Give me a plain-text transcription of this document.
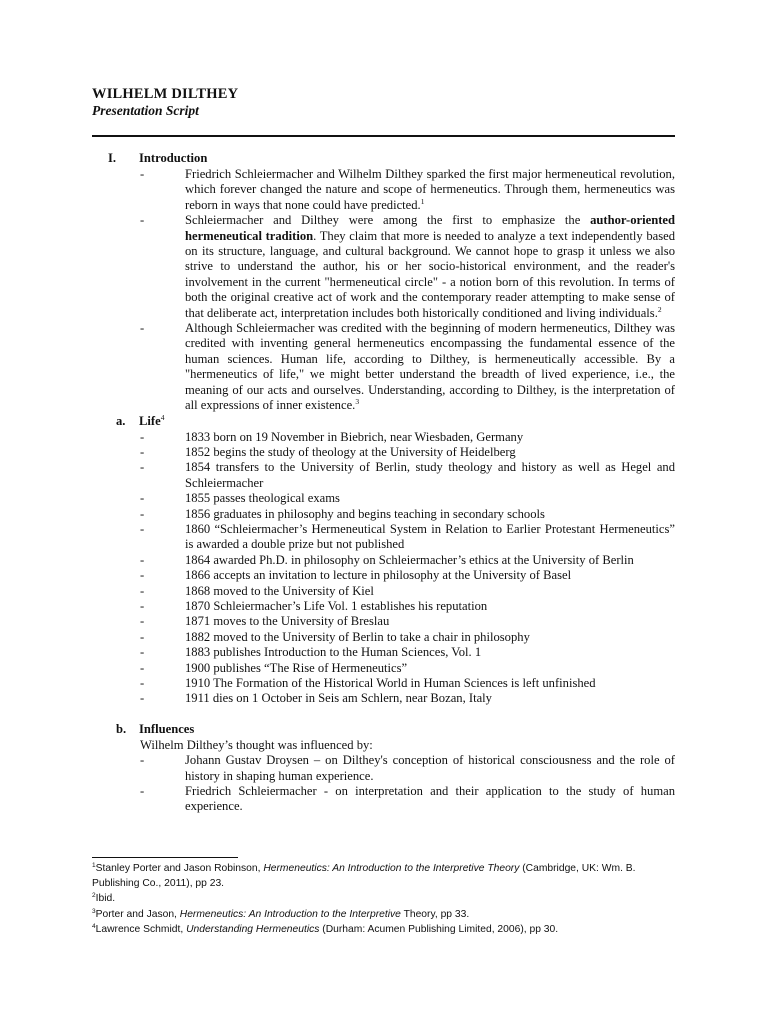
WILHELM DILTHEY
Presentation Script
I. Introduction
- Friedrich Schleiermacher and Wilhelm Dilthey sparked the first major hermeneutical revolution, which forever changed the nature and scope of hermeneutics. Through them, hermeneutics was reborn in ways that none could have predicted.$^1$
- Schleiermacher and Dilthey were among the first to emphasize the author-oriented hermeneutical tradition. They claim that more is needed to analyze a text independently based on its structure, language, and cultural background. We cannot hope to grasp it unless we also strive to understand the author, his or her socio-historical environment, and the reader's involvement in the current "hermeneutical circle" - a notion born of this revolution. In terms of both the original creative act of work and the contemporary reader attempting to make sense of that deliberate act, interpretation includes both historically conditioned and living individuals.$^2$
- Although Schleiermacher was credited with the beginning of modern hermeneutics, Dilthey was credited with inventing general hermeneutics encompassing the fundamental essence of the human sciences. Human life, according to Dilthey, is hermeneutically accessible. By a "hermeneutics of life," we might better understand the breadth of lived experience, i.e., the meaning of our acts and ourselves. Understanding, according to Dilthey, is the interpretation of all expressions of inner existence.$^3$
a. Life$^4$
- 1833 born on 19 November in Biebrich, near Wiesbaden, Germany
- 1852 begins the study of theology at the University of Heidelberg
- 1854 transfers to the University of Berlin, study theology and history as well as Hegel and Schleiermacher
- 1855 passes theological exams
- 1856 graduates in philosophy and begins teaching in secondary schools
- 1860 “Schleiermacher’s Hermeneutical System in Relation to Earlier Protestant Hermeneutics” is awarded a double prize but not published
- 1864 awarded Ph.D. in philosophy on Schleiermacher’s ethics at the University of Berlin
- 1866 accepts an invitation to lecture in philosophy at the University of Basel
- 1868 moved to the University of Kiel
- 1870 Schleiermacher’s Life Vol. 1 establishes his reputation
- 1871 moves to the University of Breslau
- 1882 moved to the University of Berlin to take a chair in philosophy
- 1883 publishes Introduction to the Human Sciences, Vol. 1
- 1900 publishes “The Rise of Hermeneutics”
- 1910 The Formation of the Historical World in Human Sciences is left unfinished
- 1911 dies on 1 October in Seis am Schlern, near Bozan, Italy
b. Influences
Wilhelm Dilthey’s thought was influenced by:
- Johann Gustav Droysen – on Dilthey's conception of historical consciousness and the role of history in shaping human experience.
- Friedrich Schleiermacher - on interpretation and their application to the study of human experience.

$^1$Stanley Porter and Jason Robinson, Hermeneutics: An Introduction to the Interpretive Theory (Cambridge, UK: Wm. B. Publishing Co., 2011), pp 23.

$^2$Ibid.

$^3$Porter and Jason, Hermeneutics: An Introduction to the Interpretive Theory, pp 33.

$^4$Lawrence Schmidt, Understanding Hermeneutics (Durham: Acumen Publishing Limited, 2006), pp 30.
